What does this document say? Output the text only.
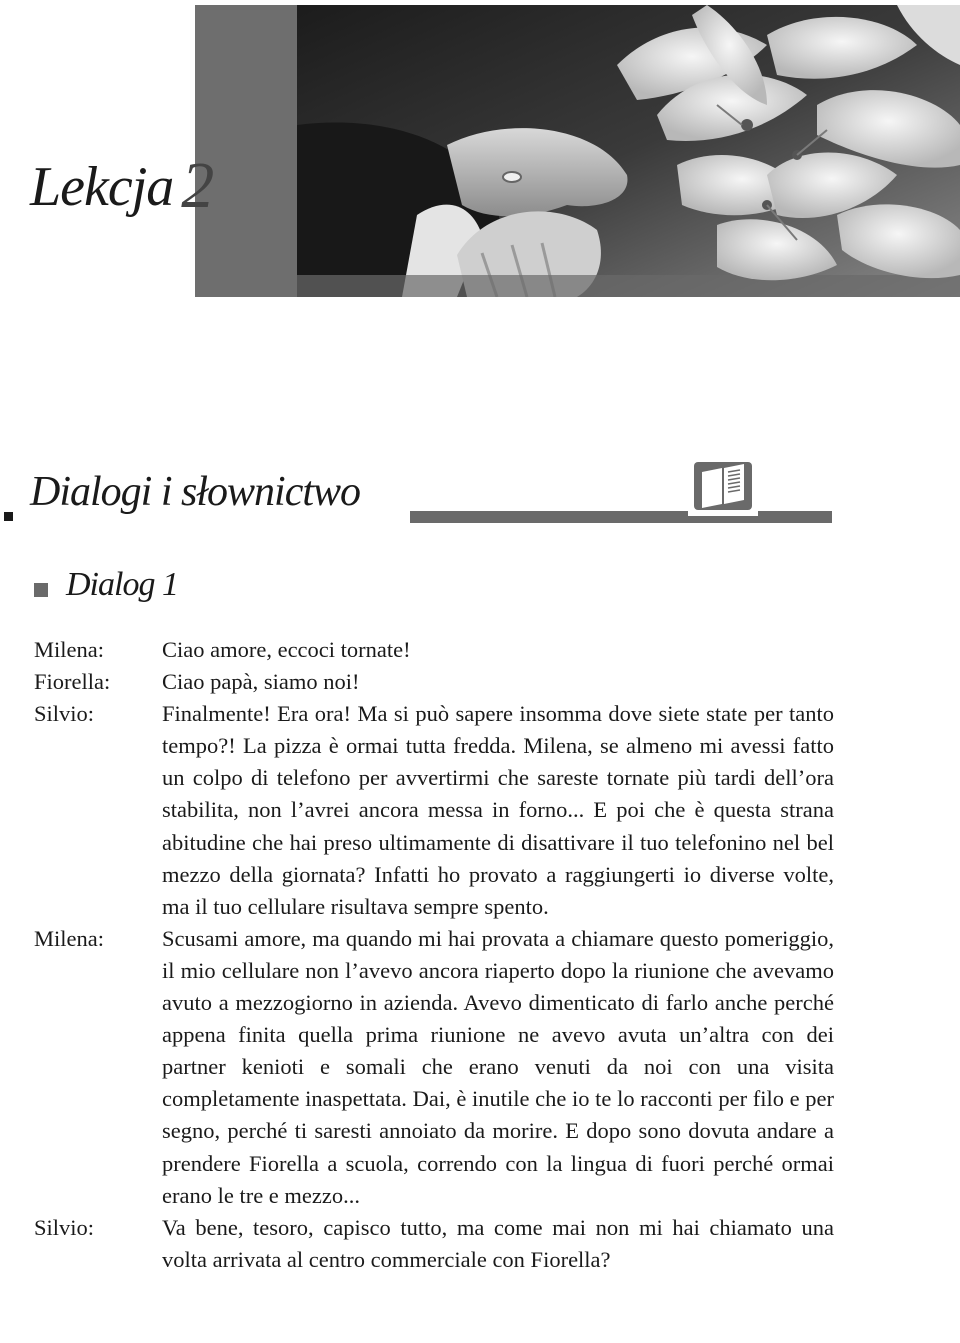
Lekcja 2
Dialogi i słownictwo
Dialog 1
Milena:	Ciao amore, eccoci tornate!
Fiorella:	Ciao papà, siamo noi!
Silvio:	Finalmente! Era ora! Ma si può sapere insomma dove siete state per tanto tempo?! La pizza è ormai tutta fredda. Milena, se almeno mi avessi fatto un colpo di telefono per avvertirmi che sareste tornate più tardi dell’ora stabilita, non l’avrei ancora messa in forno... E poi che è questa strana abitudine che hai preso ultimamente di disattivare il tuo telefonino nel bel mezzo della giornata? Infatti ho provato a raggiungerti io diverse volte, ma il tuo cellulare risultava sempre spento.
Milena:	Scusami amore, ma quando mi hai provata a chiamare questo pomeriggio, il mio cellulare non l’avevo ancora riaperto dopo la riunione che avevamo avuto a mezzogiorno in azienda. Avevo dimenticato di farlo anche perché appena finita quella prima riunione ne avevo avuta un’altra con dei partner kenioti e somali che erano venuti da noi con una visita completamente inaspettata. Dai, è inutile che io te lo racconti per filo e per segno, perché ti saresti annoiato da morire. E dopo sono dovuta andare a prendere Fiorella a scuola, correndo con la lingua di fuori perché ormai erano le tre e mezzo...
Silvio:	Va bene, tesoro, capisco tutto, ma come mai non mi hai chiamato una volta arrivata al centro commerciale con Fiorella?
